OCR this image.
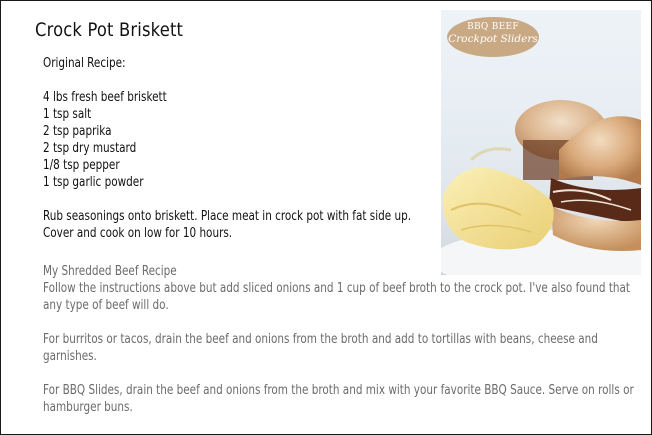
Crock Pot Briskett

Original Recipe:

4 lbs fresh beef briskett
1 tsp salt
2 tsp paprika
2 tsp dry mustard
1/8 tsp pepper
1 tsp garlic powder

Rub seasonings onto briskett. Place meat in crock pot with fat side up. Cover and cook on low for 10 hours.

My Shredded Beef Recipe

Follow the instructions above but add sliced onions and 1 cup of beef broth to the crock pot. I've also found that any type of beef will do.

For burritos or tacos, drain the beef and onions from the broth and add to tortillas with beans, cheese and garnishes.

For BBQ Slides, drain the beef and onions from the broth and mix with your favorite BBQ Sauce. Serve on rolls or hamburger buns.

BBQ BEEF
Crockpot Sliders
